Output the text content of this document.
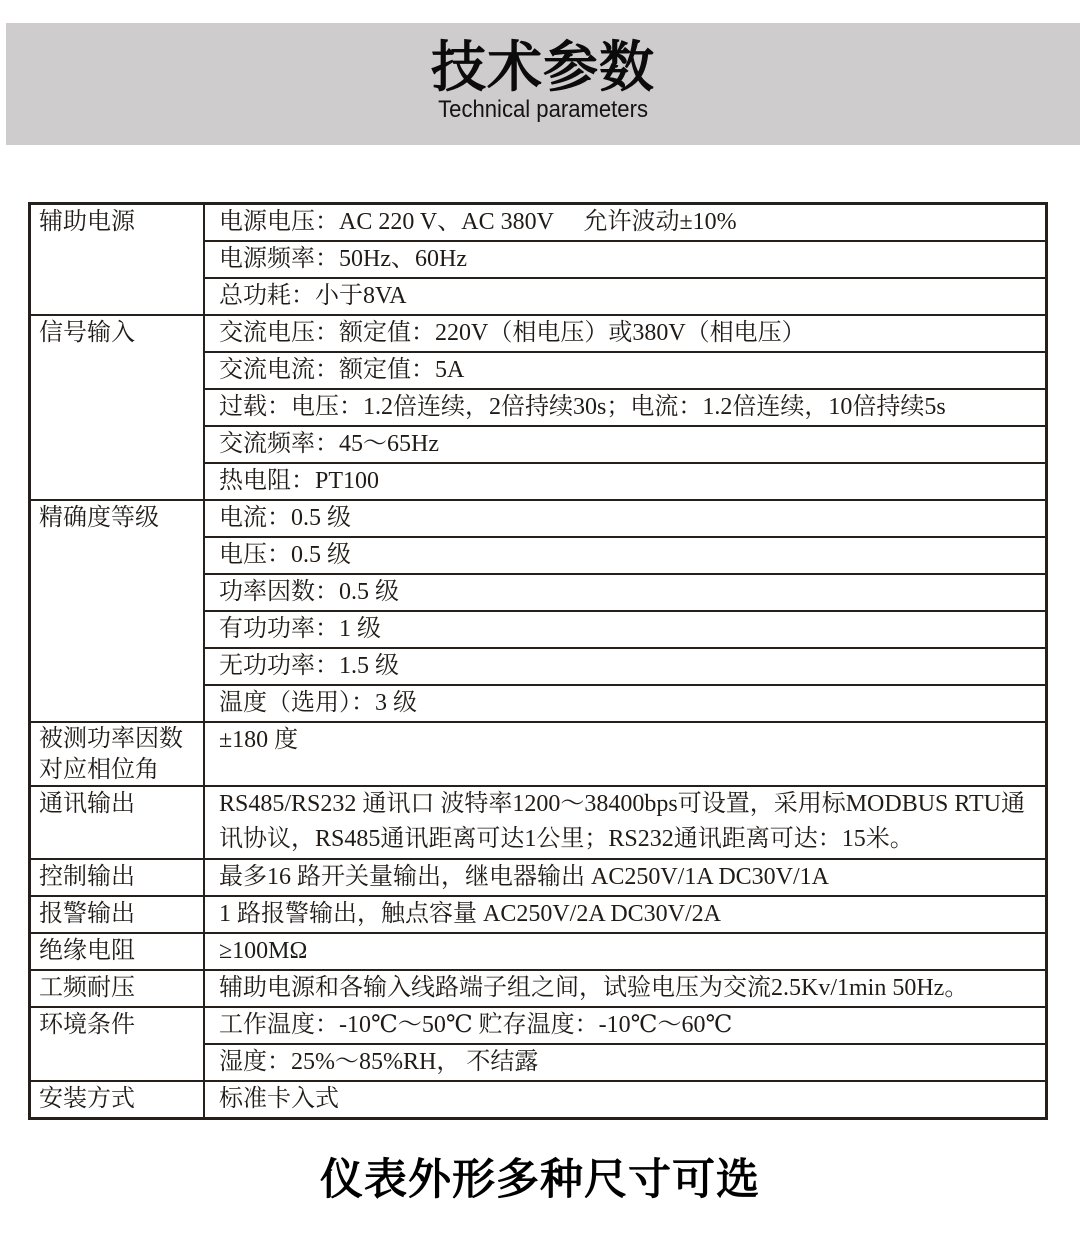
技术参数
Technical parameters
辅助电源	电源电压：AC 220 V、AC 380V　 允许波动±10%

	电源频率：50Hz、60Hz

	总功耗：小于8VA

信号输入	交流电压：额定值：220V（相电压）或380V（相电压）

	交流电流：额定值：5A

	过载：电压：1.2倍连续，2倍持续30s；电流：1.2倍连续，10倍持续5s

	交流频率：45～65Hz

	热电阻：PT100

精确度等级	电流：0.5 级

	电压：0.5 级

	功率因数：0.5 级

	有功功率：1 级

	无功功率：1.5 级

	温度（选用）：3 级

被测功率因数
对应相位角	±180 度

通讯输出	RS485/RS232 通讯口 波特率1200～38400bps可设置，采用标MODBUS RTU通讯协议，RS485通讯距离可达1公里；RS232通讯距离可达：15米。

控制输出	最多16 路开关量输出，继电器输出 AC250V/1A DC30V/1A

报警输出	1 路报警输出，触点容量 AC250V/2A DC30V/2A

绝缘电阻	≥100MΩ

工频耐压	辅助电源和各输入线路端子组之间，试验电压为交流2.5Kv/1min 50Hz。

环境条件	工作温度：-10℃～50℃ 贮存温度：-10℃～60℃

	湿度：25%～85%RH， 不结露

安装方式	标准卡入式
仪表外形多种尺寸可选
